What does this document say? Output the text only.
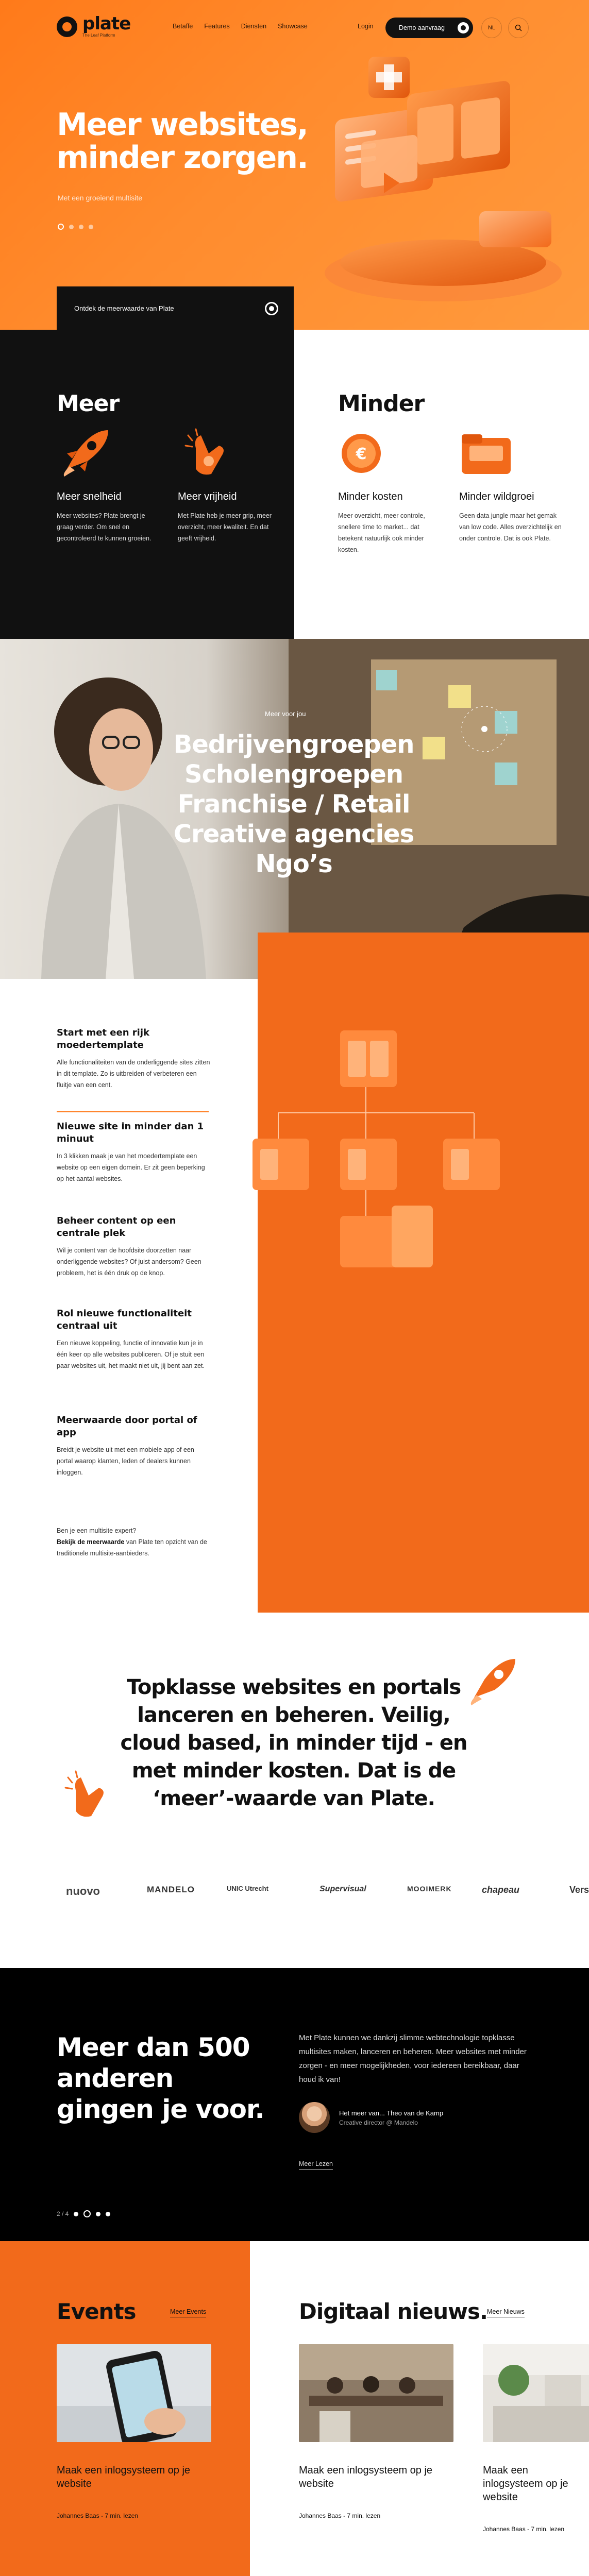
plate
The Leaf Platform
Betaffe Features Diensten Showcase	Login	Demo aanvraag	NL
Meer websites,
minder zorgen.

Met een groeiend multisite

Ontdek de meerwaarde van Plate
Meer
Meer snelheid

Meer websites? Plate brengt je graag verder. Om snel en gecontroleerd te kunnen groeien.

Meer vrijheid

Met Plate heb je meer grip, meer overzicht, meer kwaliteit. En dat geeft vrijheid.

Minder
€
Minder kosten

Meer overzicht, meer controle, snellere time to market... dat betekent natuurlijk ook minder kosten.

Minder wildgroei

Geen data jungle maar het gemak van low code. Alles overzichtelijk en onder controle. Dat is ook Plate.

Meer voor jou
Bedrijvengroepen
Scholengroepen
Franchise / Retail
Creative agencies
Ngo’s
Start met een rijk moedertemplate

Alle functionaliteiten van de onderliggende sites zitten in dit template. Zo is uitbreiden of verbeteren een fluitje van een cent.

Nieuwe site in minder dan 1 minuut

In 3 klikken maak je van het moedertemplate een website op een eigen domein. Er zit geen beperking op het aantal websites.

Beheer content op een centrale plek

Wil je content van de hoofdsite doorzetten naar onderliggende websites? Of juist andersom? Geen probleem, het is één druk op de knop.

Rol nieuwe functionaliteit centraal uit

Een nieuwe koppeling, functie of innovatie kun je in één keer op alle websites publiceren. Of je stuit een paar websites uit, het maakt niet uit, jij bent aan zet.

Meerwaarde door portal of app

Breidt je website uit met een mobiele app of een portal waarop klanten, leden of dealers kunnen inloggen.

Ben je een multisite expert?

Bekijk de meerwaarde van Plate ten opzicht van de traditionele multisite-aanbieders.

Topklasse websites en portals lanceren en beheren. Veilig, cloud based, in minder tijd - en met minder kosten. Dat is de ‘meer’-waarde van Plate.

nuovo	MANDELO	UNIC Utrecht	Supervisual	MOOIMERK	chapeau	Vers
Meer dan 500 anderen gingen je voor.

Met Plate kunnen we dankzij slimme webtechnologie topklasse multisites maken, lanceren en beheren. Meer websites met minder zorgen - en meer mogelijkheden, voor iedereen bereikbaar, daar houd ik van!

Het meer van... Theo van de Kamp
Creative director @ Mandelo
Meer Lezen
2 / 4
Events	Meer Events
Maak een inlogsysteem op je website
Johannes Baas - 7 min. lezen
Digitaal nieuws. Meer Nieuws
Maak een inlogsysteem op je website
Johannes Baas - 7 min. lezen
Maak een inlogsysteem op je website
Johannes Baas - 7 min. lezen
